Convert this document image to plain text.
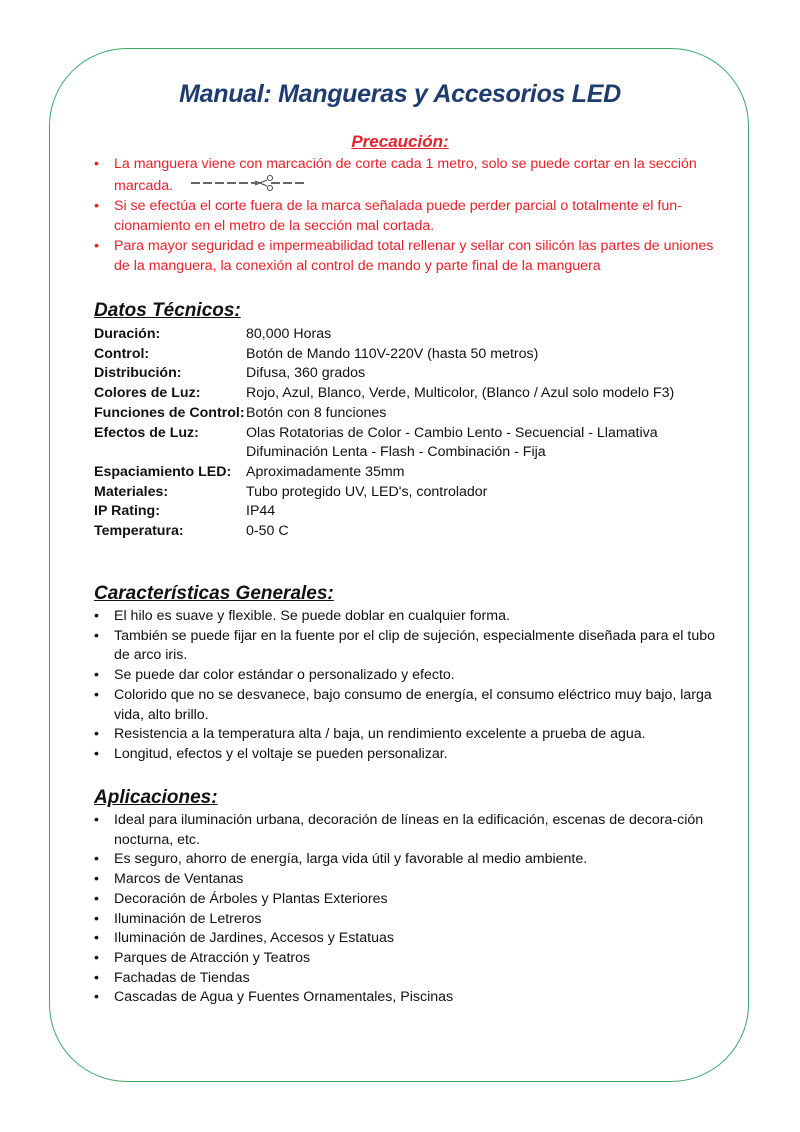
Manual: Mangueras y Accesorios LED
Precaución:
• La manguera viene con marcación de corte cada 1 metro, solo se puede cortar en la sección marcada.
• Si se efectúa el corte fuera de la marca señalada puede perder parcial o totalmente el fun-cionamiento en el metro de la sección mal cortada.
• Para mayor seguridad e impermeabilidad total rellenar y sellar con silicón las partes de uniones de la manguera, la conexión al control de mando y parte final de la manguera
Datos Técnicos:
Duración:	80,000 Horas
Control:	Botón de Mando 110V-220V (hasta 50 metros)
Distribución:	Difusa, 360 grados
Colores de Luz:	Rojo, Azul, Blanco, Verde, Multicolor, (Blanco / Azul solo modelo F3)
Funciones de Control: Botón con 8 funciones
Efectos de Luz:	Olas Rotatorias de Color - Cambio Lento - Secuencial - Llamativa
Difuminación Lenta - Flash - Combinación - Fija
Espaciamiento LED:	Aproximadamente 35mm
Materiales:	Tubo protegido UV, LED's, controlador
IP Rating:	IP44
Temperatura:	0-50 C
Características Generales:
• El hilo es suave y flexible. Se puede doblar en cualquier forma.
• También se puede fijar en la fuente por el clip de sujeción, especialmente diseñada para el tubo de arco iris.
• Se puede dar color estándar o personalizado y efecto.
• Colorido que no se desvanece, bajo consumo de energía, el consumo eléctrico muy bajo, larga vida, alto brillo.
• Resistencia a la temperatura alta / baja, un rendimiento excelente a prueba de agua.
• Longitud, efectos y el voltaje se pueden personalizar.
Aplicaciones:
• Ideal para iluminación urbana, decoración de líneas en la edificación, escenas de decora-ción nocturna, etc.
• Es seguro, ahorro de energía, larga vida útil y favorable al medio ambiente.
• Marcos de Ventanas
• Decoración de Árboles y Plantas Exteriores
• Iluminación de Letreros
• Iluminación de Jardines, Accesos y Estatuas
• Parques de Atracción y Teatros
• Fachadas de Tiendas
• Cascadas de Agua y Fuentes Ornamentales, Piscinas
